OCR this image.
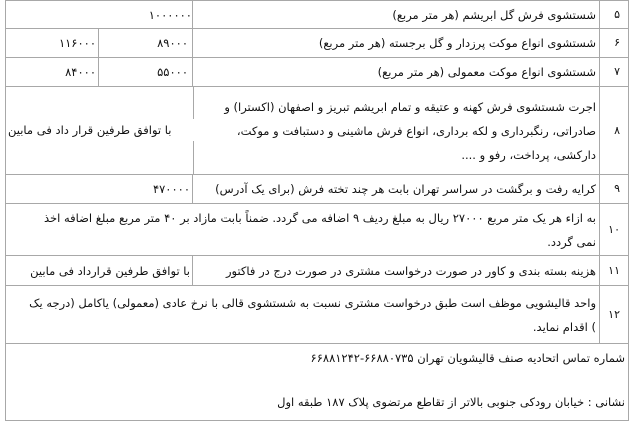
۵
شستشوی فرش گل ابریشم (هر متر مربع)
۱۰۰۰۰۰۰
۶
شستشوی انواع موکت پرزدار و گل برجسته (هر متر مربع)
۸۹۰۰۰
۱۱۶۰۰۰
۷
شستشوی انواع موکت معمولی (هر متر مربع)
۵۵۰۰۰
۸۴۰۰۰
۸
اجرت شستشوی فرش کهنه و عتیقه و تمام ابریشم تبریز و اصفهان (اکسترا) و
صادراتی، رنگبرداری و لکه برداری، انواع فرش ماشینی و دستبافت و موکت،
دارکشی، پرداخت، رفو و ....
با توافق طرفین قرار داد فی مابین
۹
کرایه رفت و برگشت در سراسر تهران بابت هر چند تخته فرش (برای یک آدرس)
۴۷۰۰۰۰
۱۰
به ازاء هر یک متر مربع ۲۷۰۰۰ ریال به مبلغ ردیف ۹ اضافه می گردد. ضمناً بابت مازاد بر ۴۰ متر مربع مبلغ اضافه اخذ
نمی گردد.
۱۱
هزینه بسته بندی و کاور در صورت درخواست مشتری در صورت درج در فاکتور
با توافق طرفین قرارداد فی مابین
۱۲
واحد قالیشویی موظف است طبق درخواست مشتری نسبت به شستشوی قالی با نرخ عادی (معمولی) یاکامل (درجه یک
) اقدام نماید.
شماره تماس اتحادیه صنف قالیشویان تهران ۶۶۸۸۰۷۳۵-۶۶۸۸۱۲۴۲
نشانی : خیابان رودکی جنوبی بالاتر از تقاطع مرتضوی پلاک ۱۸۷ طبقه اول
